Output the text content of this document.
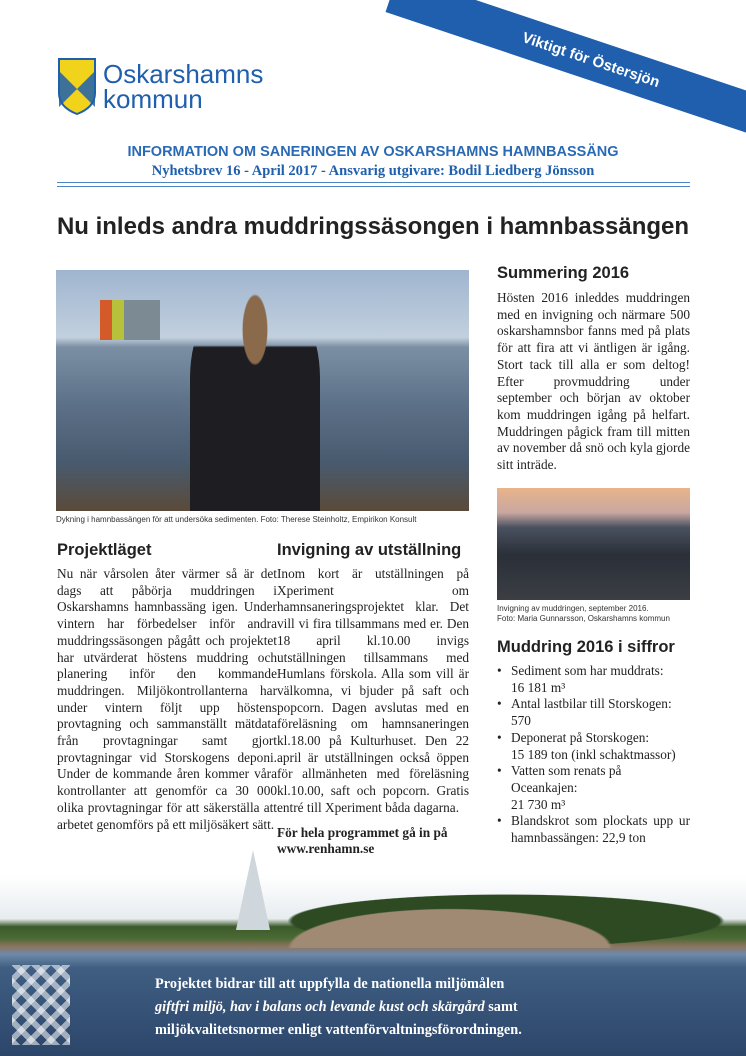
Viktigt för Östersjön
Oskarshamns
kommun
INFORMATION OM SANERINGEN AV OSKARSHAMNS HAMNBASSÄNG
Nyhetsbrev 16 - April 2017 - Ansvarig utgivare: Bodil Liedberg Jönsson
Nu inleds andra muddringssäsongen i hamnbassängen
Dykning i hamnbassängen för att undersöka sedimenten. Foto: Therese Steinholtz, Empirikon Konsult
Projektläget

Nu när vårsolen åter värmer så är det dags att påbörja muddringen i Oskarshamns hamnbassäng igen. Under vintern har förbedelser inför andra muddringssäsongen pågått och projektet har utvärderat höstens muddring och planering inför den kommande muddringen. Miljökontrollanterna har under vintern följt upp höstens provtagning och sammanställt mätdata från provtagningar samt gjort provtagningar vid Storskogens deponi. Under de kommande åren kommer våra kontrollanter att genomför ca 30 000 olika provtagningar för att säkerställa att arbetet genomförs på ett miljösäkert sätt.

Invigning av utställning

Inom kort är utställningen på Xperiment om hamnsaneringsprojektet klar. Det vill vi fira tillsammans med er. Den 18 april kl.10.00 invigs utställningen tillsammans med Humlans förskola. Alla som vill är välkomna, vi bjuder på saft och popcorn. Dagen avslutas med en föreläsning om hamnsaneringen kl.18.00 på Kulturhuset. Den 22 april är utställningen också öppen för allmänheten med föreläsning kl.10.00, saft och popcorn. Gratis entré till Xperiment båda dagarna.

För hela programmet gå in på
www.renhamn.se

Summering 2016

Hösten 2016 inleddes muddringen med en invigning och närmare 500 oskarshamnsbor fanns med på plats för att fira att vi äntligen är igång. Stort tack till alla er som deltog! Efter provmuddring under september och början av oktober kom muddringen igång på helfart. Muddringen pågick fram till mitten av november då snö och kyla gjorde sitt inträde.

Invigning av muddringen, september 2016.
Foto: Maria Gunnarsson, Oskarshamns kommun
Muddring 2016 i siffror
• Sediment som har muddrats:
16 181 m³
• Antal lastbilar till Storskogen: 570
• Deponerat på Storskogen:
15 189 ton (inkl schaktmassor)
• Vatten som renats på Oceankajen:
21 730 m³
• Blandskrot som plockats upp ur hamnbassängen: 22,9 ton
Projektet bidrar till att uppfylla de nationella miljömålen
giftfri miljö, hav i balans och levande kust och skärgård samt
miljökvalitetsnormer enligt vattenförvaltningsförordningen.
